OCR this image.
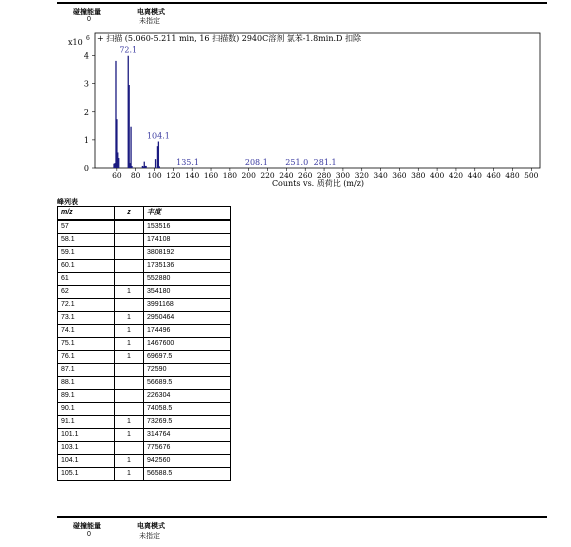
碰撞能量
0
电离模式
未指定
x10 6 + 扫描 (5.060-5.211 min, 16 扫描数) 2940C溶剂 氯苯-1.8min.D 扣除
Counts vs. 质荷比 (m/z)
0
1
2
3
4
60 80 100 120 140 160 180 200 220 240 260 280 300 320 340 360 380 400 420 440 460 480 500
72.1
104.1
135.1	208.1 251.0 281.1
峰列表
m/z	z	丰度
57		153516
58.1		174108
59.1		3808192
60.1		1735136
61		552880
62	1	354180
72.1		3991168
73.1	1	2950464
74.1	1	174496
75.1	1	1467600
76.1	1	69697.5
87.1		72590
88.1		56689.5
89.1		226304
90.1		74058.5
91.1	1	73269.5
101.1	1	314764
103.1		775676
104.1	1	942560
105.1	1	56588.5
碰撞能量
0
电离模式
未指定
